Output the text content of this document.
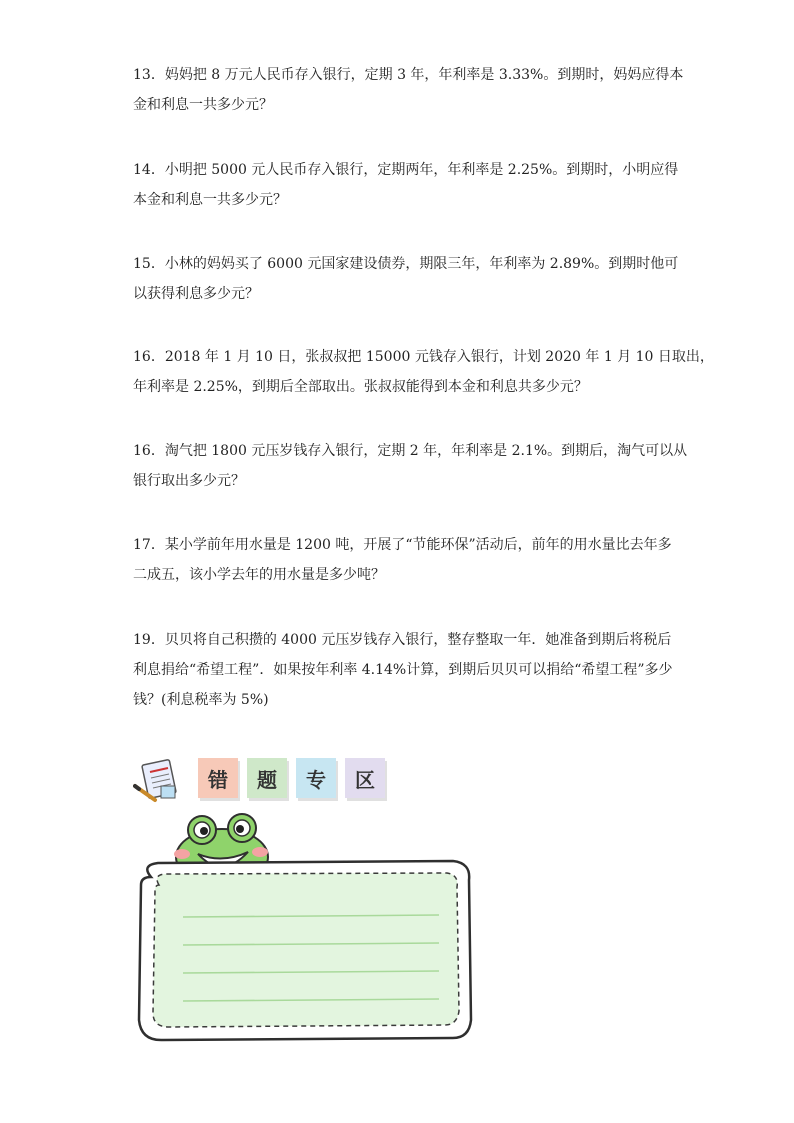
13．妈妈把 8 万元人民币存入银行，定期 3 年，年利率是 3.33%。到期时，妈妈应得本

金和利息一共多少元？

14．小明把 5000 元人民币存入银行，定期两年，年利率是 2.25%。到期时，小明应得

本金和利息一共多少元？

15．小林的妈妈买了 6000 元国家建设债券，期限三年，年利率为 2.89%。到期时他可

以获得利息多少元？

16．2018 年 1 月 10 日，张叔叔把 15000 元钱存入银行，计划 2020 年 1 月 10 日取出，

年利率是 2.25%，到期后全部取出。张叔叔能得到本金和利息共多少元？

16．淘气把 1800 元压岁钱存入银行，定期 2 年，年利率是 2.1%。到期后，淘气可以从

银行取出多少元？

17．某小学前年用水量是 1200 吨，开展了“节能环保”活动后，前年的用水量比去年多

二成五，该小学去年的用水量是多少吨？

19．贝贝将自己积攒的 4000 元压岁钱存入银行，整存整取一年．她准备到期后将税后

利息捐给“希望工程”．如果按年利率 4.14%计算，到期后贝贝可以捐给“希望工程”多少

钱？(利息税率为 5%)

错	题	专	区
